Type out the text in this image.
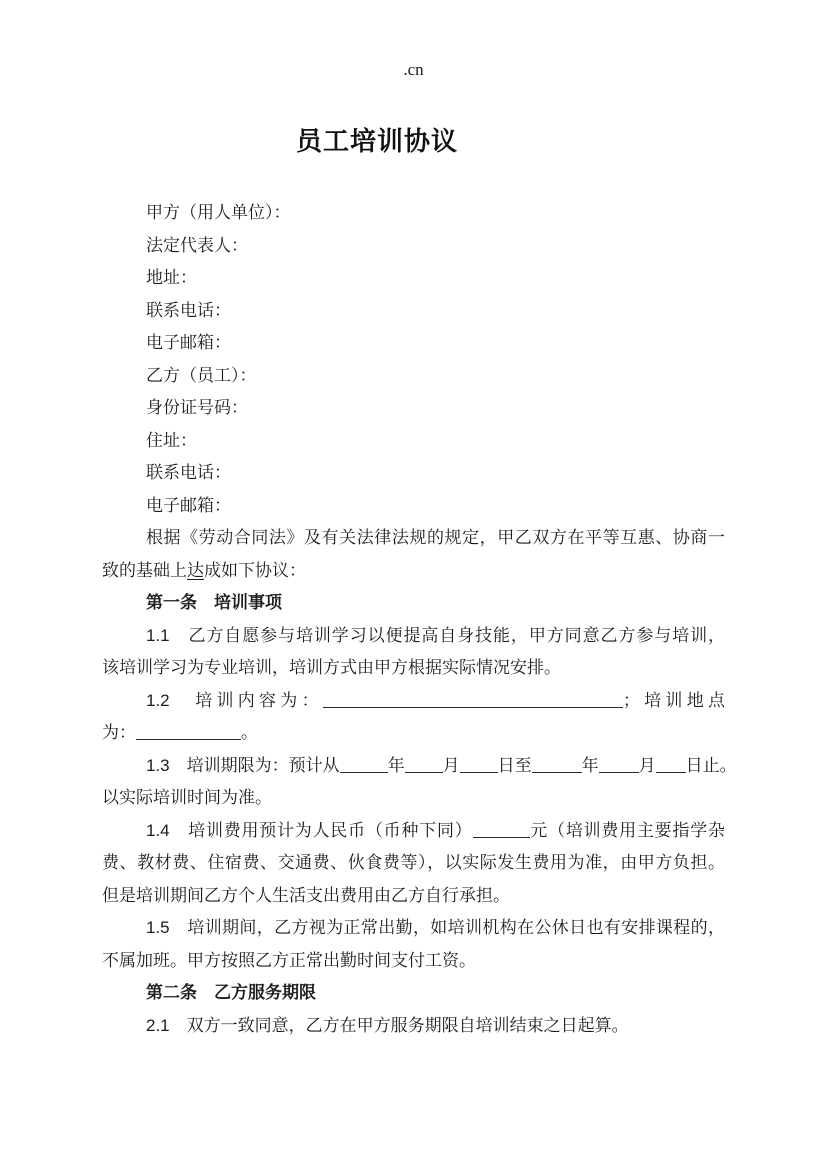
.cn
员工培训协议
甲方（用人单位）：
法定代表人：
地址：
联系电话：
电子邮箱：
乙方（员工）：
身份证号码：
住址：
联系电话：
电子邮箱：
根据《劳动合同法》及有关法律法规的规定，甲乙双方在平等互惠、协商一
致的基础上达成如下协议：
第一条　培训事项
1.1　乙方自愿参与培训学习以便提高自身技能，甲方同意乙方参与培训，
该培训学习为专业培训，培训方式由甲方根据实际情况安排。
1.2　培训内容为：	；培训地点
为：	。
1.3　培训期限为：预计从	年 月 日至	年 月 日止。
以实际培训时间为准。
1.4　培训费用预计为人民币（币种下同）	元（培训费用主要指学杂
费、教材费、住宿费、交通费、伙食费等），以实际发生费用为准，由甲方负担。
但是培训期间乙方个人生活支出费用由乙方自行承担。
1.5　培训期间，乙方视为正常出勤，如培训机构在公休日也有安排课程的，
不属加班。甲方按照乙方正常出勤时间支付工资。
第二条　乙方服务期限
2.1　双方一致同意，乙方在甲方服务期限自培训结束之日起算。
